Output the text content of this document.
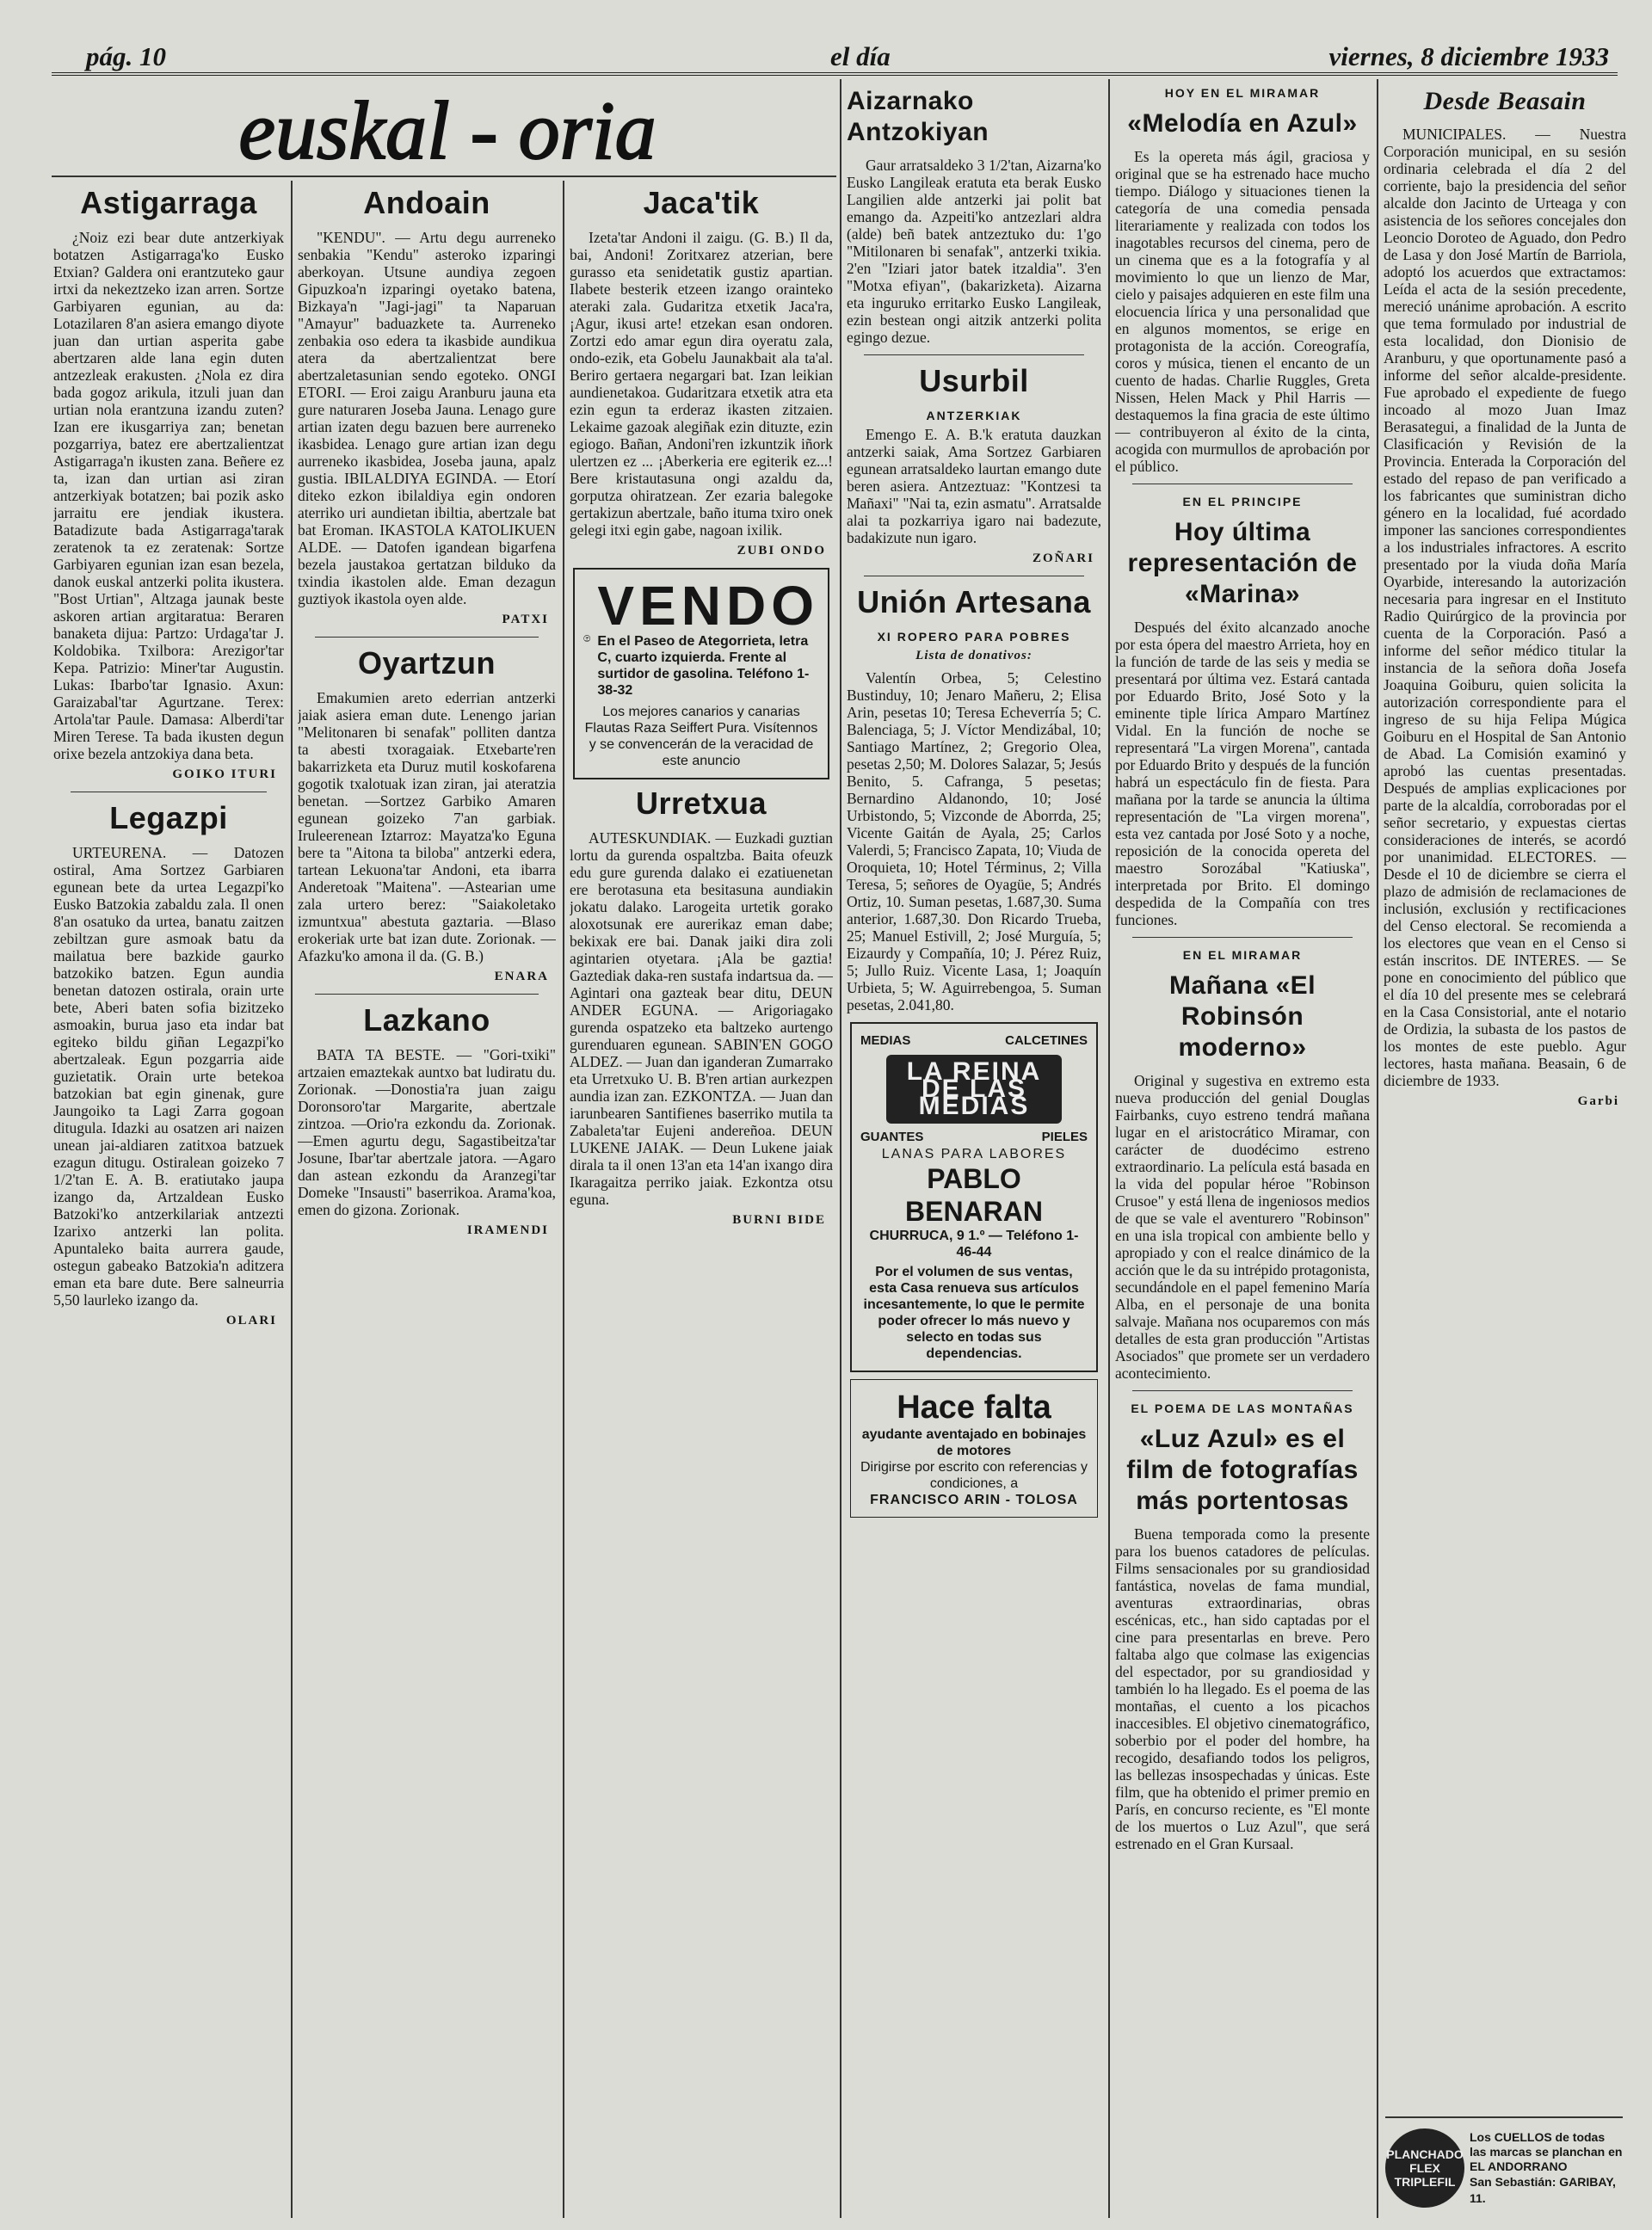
pág. 10	el día	viernes, 8 diciembre 1933
euskal - oria
Astigarraga

¿Noiz ezi bear dute antzerkiyak botatzen Astigarraga'ko Eusko Etxian? Galdera oni erantzuteko gaur irtxi da nekeztzeko izan arren. Sortze Garbiyaren egunian, au da: Lotazilaren 8'an asiera emango diyote juan dan urtian asperita gabe abertzaren alde lana egin duten antzezleak erakusten. ¿Nola ez dira bada gogoz arikula, itzuli juan dan urtian nola erantzuna izandu zuten? Izan ere ikusgarriya zan; benetan pozgarriya, batez ere abertzalientzat Astigarraga'n ikusten zana. Beñere ez ta, izan dan urtian asi ziran antzerkiyak botatzen; bai pozik asko jarraitu ere jendiak ikustera. Batadizute bada Astigarraga'tarak zeratenok ta ez zeratenak: Sortze Garbiyaren egunian izan esan bezela, danok euskal antzerki polita ikustera. "Bost Urtian", Altzaga jaunak beste askoren artian argitaratua: Beraren banaketa dijua: Partzo: Urdaga'tar J. Koldobika. Txilbora: Arezigor'tar Kepa. Patrizio: Miner'tar Augustin. Lukas: Ibarbo'tar Ignasio. Axun: Garaizabal'tar Agurtzane. Terex: Artola'tar Paule. Damasa: Alberdi'tar Miren Terese. Ta bada ikusten degun orixe bezela antzokiya dana beta.

GOIKO ITURI
Legazpi

URTEURENA. — Datozen ostiral, Ama Sortzez Garbiaren egunean bete da urtea Legazpi'ko Eusko Batzokia zabaldu zala. Il onen 8'an osatuko da urtea, banatu zaitzen zebiltzan gure asmoak batu da mailatua bere bazkide gaurko batzokiko batzen. Egun aundia benetan datozen ostirala, orain urte bete, Aberi baten sofia bizitzeko asmoakin, burua jaso eta indar bat egiteko bildu giñan Legazpi'ko abertzaleak. Egun pozgarria aide guzietatik. Orain urte betekoa batzokian bat egin ginenak, gure Jaungoiko ta Lagi Zarra gogoan ditugula. Idazki au osatzen ari naizen unean jai-aldiaren zatitxoa batzuek ezagun ditugu. Ostiralean goizeko 7 1/2'tan E. A. B. eratiutako jaupa izango da, Artzaldean Eusko Batzoki'ko antzerkilariak antzezti Izarixo antzerki lan polita. Apuntaleko baita aurrera gaude, ostegun gabeako Batzokia'n aditzera eman eta bare dute. Bere salneurria 5,50 laurleko izango da.

OLARI
Andoain

"KENDU". — Artu degu aurreneko senbakia "Kendu" asteroko izparingi aberkoyan. Utsune aundiya zegoen Gipuzkoa'n izparingi oyetako batena, Bizkaya'n "Jagi-jagi" ta Naparuan "Amayur" baduazkete ta. Aurreneko zenbakia oso edera ta ikasbide aundikua atera da abertzalientzat bere abertzaletasunian sendo egoteko. ONGI ETORI. — Eroi zaigu Aranburu jauna eta gure naturaren Joseba Jauna. Lenago gure artian izaten degu bazuen bere aurreneko ikasbidea. Lenago gure artian izan degu aurreneko ikasbidea, Joseba jauna, apalz gustia. IBILALDIYA EGINDA. — Etorí diteko ezkon ibilaldiya egin ondoren aterriko uri aundietan ibiltia, abertzale bat bat Eroman. IKASTOLA KATOLIKUEN ALDE. — Datofen igandean bigarfena bezela jaustakoa gertatzan bilduko da txindia ikastolen alde. Eman dezagun guztiyok ikastola oyen alde.

PATXI
Oyartzun

Emakumien areto ederrian antzerki jaiak asiera eman dute. Lenengo jarian "Melitonaren bi senafak" polliten dantza ta abesti txoragaiak. Etxebarte'ren bakarrizketa eta Duruz mutil koskofarena gogotik txalotuak izan ziran, jai ateratzia benetan. —Sortzez Garbiko Amaren egunean goizeko 7'an garbiak. Iruleerenean Iztarroz: Mayatza'ko Eguna bere ta "Aitona ta biloba" antzerki edera, tartean Lekuona'tar Andoni, eta ibarra Anderetoak "Maitena". —Astearian ume zala urtero berez: "Saiakoletako izmuntxua" abestuta gaztaria. —Blaso erokeriak urte bat izan dute. Zorionak. —Afazku'ko amona il da. (G. B.)

ENARA
Lazkano

BATA TA BESTE. — "Gori-txiki" artzaien emaztekak auntxo bat ludiratu du. Zorionak. —Donostia'ra juan zaigu Doronsoro'tar Margarite, abertzale zintzoa. —Orio'ra ezkondu da. Zorionak. —Emen agurtu degu, Sagastibeitza'tar Josune, Ibar'tar abertzale jatora. —Agaro dan astean ezkondu da Aranzegi'tar Domeke "Insausti" baserrikoa. Arama'koa, emen do gizona. Zorionak.

IRAMENDI
Jaca'tik

Izeta'tar Andoni il zaigu. (G. B.) Il da, bai, Andoni! Zoritxarez atzerian, bere gurasso eta senidetatik gustiz apartian. Ilabete besterik etzeen izango orainteko ateraki zala. Gudaritza etxetik Jaca'ra, ¡Agur, ikusi arte! etzekan esan ondoren. Zortzi edo amar egun dira oyeratu zala, ondo-ezik, eta Gobelu Jaunakbait ala ta'al. Beriro gertaera negargari bat. Izan leikian aundienetakoa. Gudaritzara etxetik atra eta ezin egun ta erderaz ikasten zitzaien. Lekaime gazoak alegiñak ezin dituzte, ezin egiogo. Bañan, Andoni'ren izkuntzik iñork ulertzen ez ... ¡Aberkeria ere egiterik ez...! Bere kristautasuna ongi azaldu da, gorputza ohiratzean. Zer ezaria balegoke gertakizun abertzale, baño ituma txiro onek gelegi itxi egin gabe, nagoan ixilik.

ZUBI ONDO
VENDO
En el Paseo de Ategorrieta, letra C, cuarto izquierda. Frente al surtidor de gasolina. Teléfono 1-38-32
Los mejores canarios y canarias Flautas Raza Seiffert Pura. Visítennos y se convencerán de la veracidad de este anuncio
Urretxua

AUTESKUNDIAK. — Euzkadi guztian lortu da gurenda ospaltzba. Baita ofeuzk edu gure gurenda dalako ei ezatiuenetan ere berotasuna eta besitasuna aundiakin jokatu dalako. Larogeita urtetik gorako aloxotsunak ere aurerikaz eman dabe; bekixak ere bai. Danak jaiki dira zoli agintarien otyetara. ¡Ala be gaztia! Gaztediak daka-ren sustafa indartsua da. —Agintari ona gazteak bear ditu, DEUN ANDER EGUNA. — Arigoriagako gurenda ospatzeko eta baltzeko aurtengo gurenduaren egunean. SABIN'EN GOGO ALDEZ. — Juan dan iganderan Zumarrako eta Urretxuko U. B. B'ren artian aurkezpen aundia izan zan. EZKONTZA. — Juan dan iarunbearen Santifienes baserriko mutila ta Zabaleta'tar Eujeni andereñoa. DEUN LUKENE JAIAK. — Deun Lukene jaiak dirala ta il onen 13'an eta 14'an ixango dira Ikaragaitza perriko jaiak. Ezkontza otsu eguna.

BURNI BIDE
Aizarnako Antzokiyan

Gaur arratsaldeko 3 1/2'tan, Aizarna'ko Eusko Langileak eratuta eta berak Eusko Langilien alde antzerki jai polit bat emango da. Azpeiti'ko antzezlari aldra (alde) beñ batek antzeztuko du: 1'go "Mitilonaren bi senafak", antzerki txikia. 2'en "Iziari jator batek itzaldia". 3'en "Motxa efiyan", (bakarizketa). Aizarna eta inguruko erritarko Eusko Langileak, ezin bestean ongi aitzik antzerki polita egingo dezue.

Usurbil
ANTZERKIAK

Emengo E. A. B.'k eratuta dauzkan antzerki saiak, Ama Sortzez Garbiaren egunean arratsaldeko laurtan emango dute beren asiera. Antzeztuaz: "Kontzesi ta Mañaxi" "Nai ta, ezin asmatu". Arratsalde alai ta pozkarriya igaro nai badezute, badakizute nun igaro.

ZOÑARI
Unión Artesana
XI ROPERO PARA POBRES
Lista de donativos:

Valentín Orbea, 5; Celestino Bustinduy, 10; Jenaro Mañeru, 2; Elisa Arin, pesetas 10; Teresa Echeverría 5; C. Balenciaga, 5; J. Víctor Mendizábal, 10; Santiago Martínez, 2; Gregorio Olea, pesetas 2,50; M. Dolores Salazar, 5; Jesús Benito, 5. Cafranga, 5 pesetas; Bernardino Aldanondo, 10; José Urbistondo, 5; Vizconde de Aborrda, 25; Vicente Gaitán de Ayala, 25; Carlos Valerdi, 5; Francisco Zapata, 10; Viuda de Oroquieta, 10; Hotel Términus, 2; Villa Teresa, 5; señores de Oyagüe, 5; Andrés Ortiz, 10. Suman pesetas, 1.687,30. Suma anterior, 1.687,30. Don Ricardo Trueba, 25; Manuel Estivill, 2; José Murguía, 5; Eizaurdy y Compañía, 10; J. Pérez Ruiz, 5; Jullo Ruiz. Vicente Lasa, 1; Joaquín Urbieta, 5; W. Aguirrebengoa, 5. Suman pesetas, 2.041,80.

MEDIAS	CALCETINES
LA REINA DE LAS MEDIAS
GUANTES	PIELES
LANAS PARA LABORES
PABLO BENARAN
CHURRUCA, 9 1.º — Teléfono 1-46-44
Por el volumen de sus ventas, esta Casa renueva sus artículos incesantemente, lo que le permite poder ofrecer lo más nuevo y selecto en todas sus dependencias.
Hace falta
ayudante aventajado en bobinajes de motores
Dirigirse por escrito con referencias y condiciones, a
FRANCISCO ARIN - TOLOSA
HOY EN EL MIRAMAR
«Melodía en Azul»

Es la opereta más ágil, graciosa y original que se ha estrenado hace mucho tiempo. Diálogo y situaciones tienen la categoría de una comedia pensada literariamente y realizada con todos los inagotables recursos del cinema, pero de un cinema que es a la fotografía y al movimiento lo que un lienzo de Mar, cielo y paisajes adquieren en este film una elocuencia lírica y una personalidad que en algunos momentos, se erige en protagonista de la acción. Coreografía, coros y música, tienen el encanto de un cuento de hadas. Charlie Ruggles, Greta Nissen, Helen Mack y Phil Harris —destaquemos la fina gracia de este último— contribuyeron al éxito de la cinta, acogida con murmullos de aprobación por el público.

EN EL PRINCIPE
Hoy última representación de «Marina»

Después del éxito alcanzado anoche por esta ópera del maestro Arrieta, hoy en la función de tarde de las seis y media se presentará por última vez. Estará cantada por Eduardo Brito, José Soto y la eminente tiple lírica Amparo Martínez Vidal. En la función de noche se representará "La virgen Morena", cantada por Eduardo Brito y después de la función habrá un espectáculo fin de fiesta. Para mañana por la tarde se anuncia la última representación de "La virgen morena", esta vez cantada por José Soto y a noche, reposición de la conocida opereta del maestro Sorozábal "Katiuska", interpretada por Brito. El domingo despedida de la Compañía con tres funciones.

EN EL MIRAMAR
Mañana «El Robinsón moderno»

Original y sugestiva en extremo esta nueva producción del genial Douglas Fairbanks, cuyo estreno tendrá mañana lugar en el aristocrático Miramar, con carácter de duodécimo estreno extraordinario. La película está basada en la vida del popular héroe "Robinson Crusoe" y está llena de ingeniosos medios de que se vale el aventurero "Robinson" en una isla tropical con ambiente bello y apropiado y con el realce dinámico de la acción que le da su intrépido protagonista, secundándole en el papel femenino María Alba, en el personaje de una bonita salvaje. Mañana nos ocuparemos con más detalles de esta gran producción "Artistas Asociados" que promete ser un verdadero acontecimiento.

EL POEMA DE LAS MONTAÑAS
«Luz Azul» es el film de fotografías más portentosas

Buena temporada como la presente para los buenos catadores de películas. Films sensacionales por su grandiosidad fantástica, novelas de fama mundial, aventuras extraordinarias, obras escénicas, etc., han sido captadas por el cine para presentarlas en breve. Pero faltaba algo que colmase las exigencias del espectador, por su grandiosidad y también lo ha llegado. Es el poema de las montañas, el cuento a los picachos inaccesibles. El objetivo cinematográfico, soberbio por el poder del hombre, ha recogido, desafiando todos los peligros, las bellezas insospechadas y únicas. Este film, que ha obtenido el primer premio en París, en concurso reciente, es "El monte de los muertos o Luz Azul", que será estrenado en el Gran Kursaal.

Desde Beasain

MUNICIPALES. — Nuestra Corporación municipal, en su sesión ordinaria celebrada el día 2 del corriente, bajo la presidencia del señor alcalde don Jacinto de Urteaga y con asistencia de los señores concejales don Leoncio Doroteo de Aguado, don Pedro de Lasa y don José Martín de Barriola, adoptó los acuerdos que extractamos: Leída el acta de la sesión precedente, mereció unánime aprobación. A escrito que tema formulado por industrial de esta localidad, don Dionisio de Aranburu, y que oportunamente pasó a informe del señor alcalde-presidente. Fue aprobado el expediente de fuego incoado al mozo Juan Imaz Berasategui, a finalidad de la Junta de Clasificación y Revisión de la Provincia. Enterada la Corporación del estado del repaso de pan verificado a los fabricantes que suministran dicho género en la localidad, fué acordado imponer las sanciones correspondientes a los industriales infractores. A escrito presentado por la viuda doña María Oyarbide, interesando la autorización necesaria para ingresar en el Instituto Radio Quirúrgico de la provincia por cuenta de la Corporación. Pasó a informe del señor médico titular la instancia de la señora doña Josefa Joaquina Goiburu, quien solicita la autorización correspondiente para el ingreso de su hija Felipa Múgica Goiburu en el Hospital de San Antonio de Abad. La Comisión examinó y aprobó las cuentas presentadas. Después de amplias explicaciones por parte de la alcaldía, corroboradas por el señor secretario, y expuestas ciertas consideraciones de interés, se acordó por unanimidad. ELECTORES. — Desde el 10 de diciembre se cierra el plazo de admisión de reclamaciones de inclusión, exclusión y rectificaciones del Censo electoral. Se recomienda a los electores que vean en el Censo si están inscritos. DE INTERES. — Se pone en conocimiento del público que el día 10 del presente mes se celebrará en la Casa Consistorial, ante el notario de Ordizia, la subasta de los pastos de los montes de este pueblo. Agur lectores, hasta mañana. Beasain, 6 de diciembre de 1933.

Garbi
PLANCHADO FLEX TRIPLEFIL
Los CUELLOS de todas las marcas se planchan en EL ANDORRANO
San Sebastián: GARIBAY, 11.
